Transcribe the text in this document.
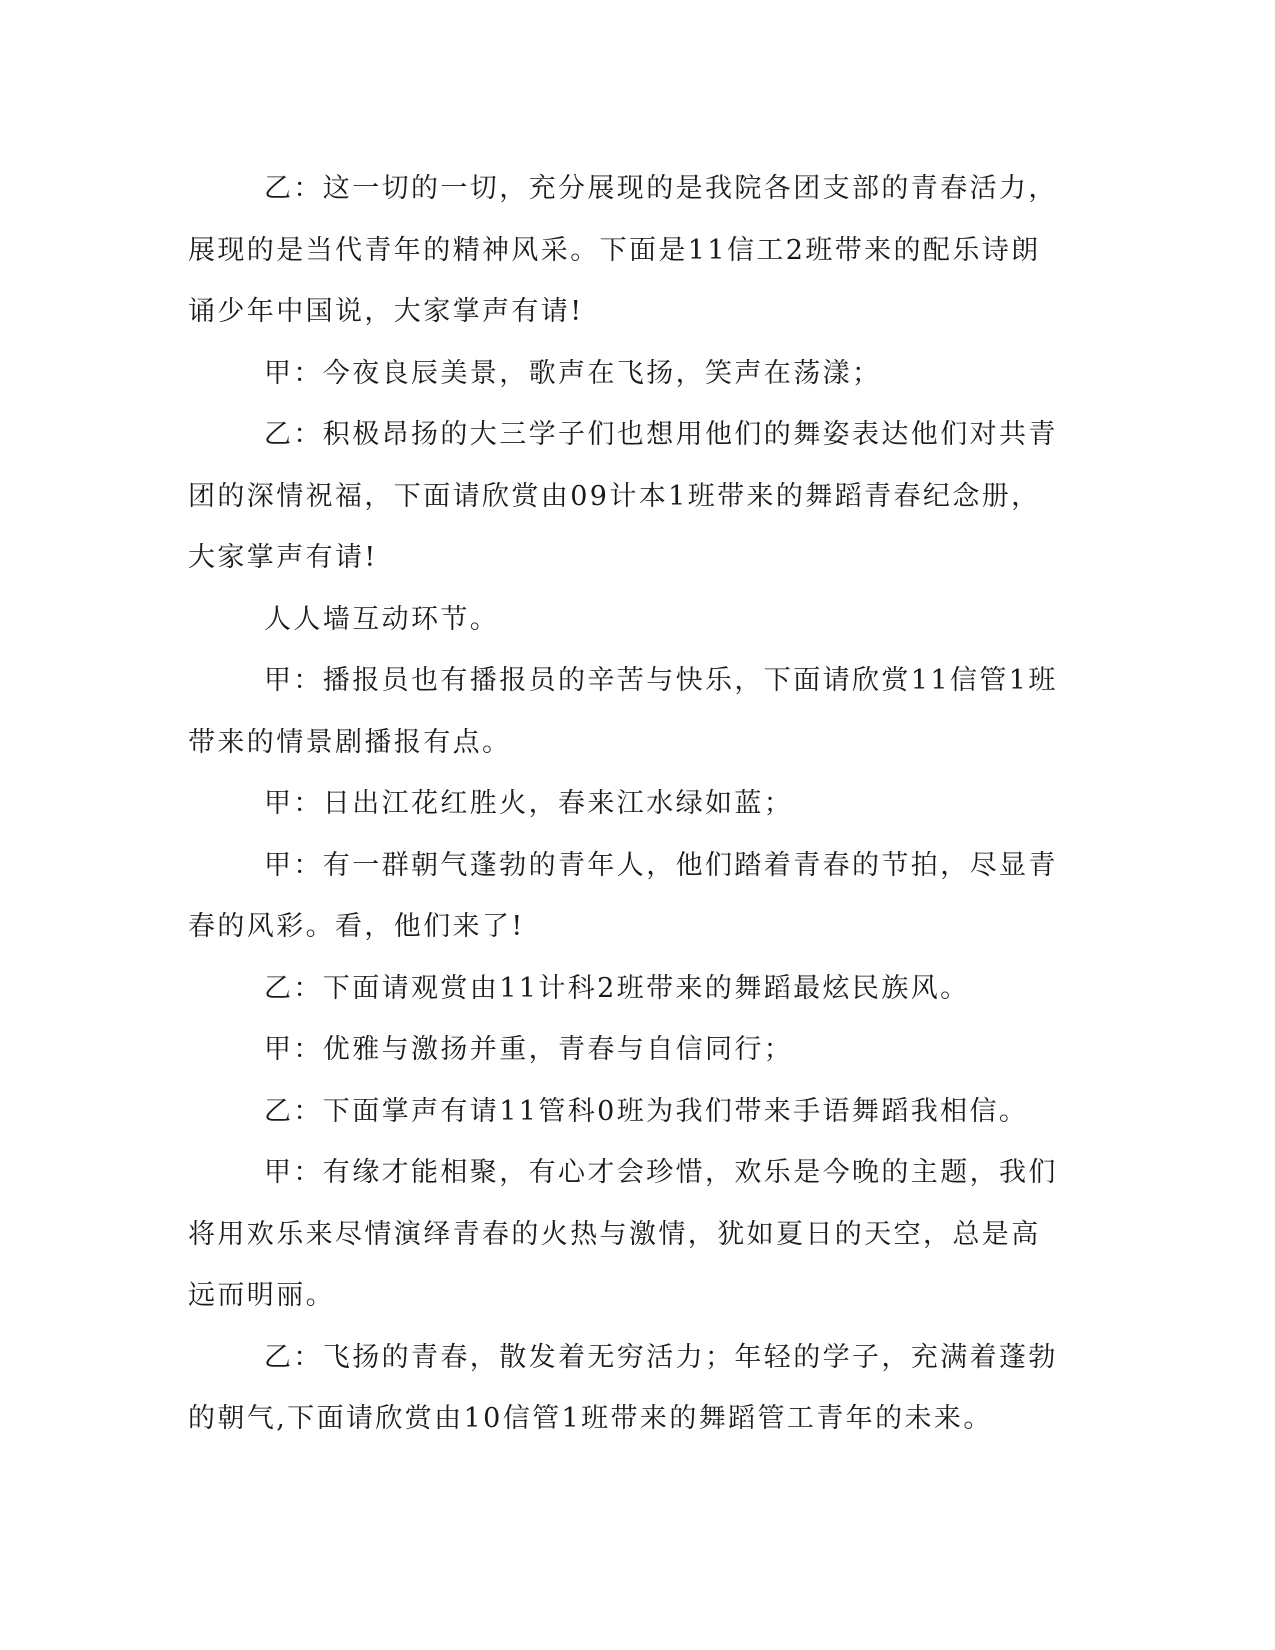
乙：这一切的一切，充分展现的是我院各团支部的青春活力，展现的是当代青年的精神风采。下面是11信工2班带来的配乐诗朗诵少年中国说，大家掌声有请!

甲：今夜良辰美景，歌声在飞扬，笑声在荡漾；

乙：积极昂扬的大三学子们也想用他们的舞姿表达他们对共青团的深情祝福，下面请欣赏由09计本1班带来的舞蹈青春纪念册，大家掌声有请!

人人墙互动环节。

甲：播报员也有播报员的辛苦与快乐，下面请欣赏11信管1班带来的情景剧播报有点。

甲：日出江花红胜火，春来江水绿如蓝；

甲：有一群朝气蓬勃的青年人，他们踏着青春的节拍，尽显青春的风彩。看，他们来了!

乙：下面请观赏由11计科2班带来的舞蹈最炫民族风。

甲：优雅与激扬并重，青春与自信同行；

乙：下面掌声有请11管科0班为我们带来手语舞蹈我相信。

甲：有缘才能相聚，有心才会珍惜，欢乐是今晚的主题，我们将用欢乐来尽情演绎青春的火热与激情，犹如夏日的天空，总是高远而明丽。

乙：飞扬的青春，散发着无穷活力；年轻的学子，充满着蓬勃的朝气,下面请欣赏由10信管1班带来的舞蹈管工青年的未来。
